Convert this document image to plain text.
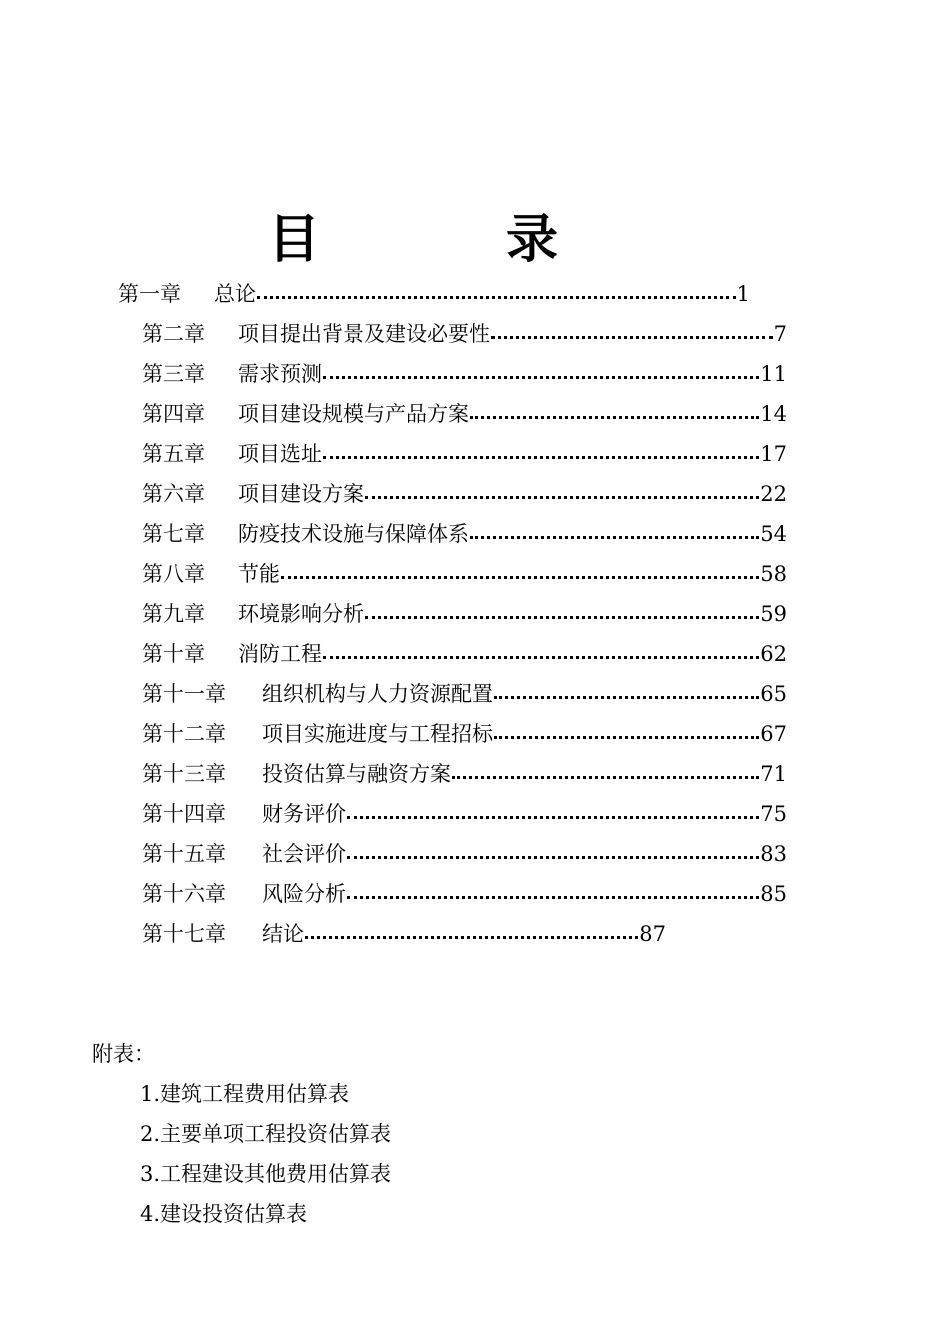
目	录
第一章	总论	1
第二章	项目提出背景及建设必要性	7
第三章	需求预测	11
第四章	项目建设规模与产品方案	14
第五章	项目选址	17
第六章	项目建设方案	22
第七章	防疫技术设施与保障体系	54
第八章	节能	58
第九章	环境影响分析	59
第十章	消防工程	62
第十一章	组织机构与人力资源配置	65
第十二章	项目实施进度与工程招标	67
第十三章	投资估算与融资方案	71
第十四章	财务评价	75
第十五章	社会评价	83
第十六章	风险分析	85
第十七章	结论	87
附表：
1.建筑工程费用估算表
2.主要单项工程投资估算表
3.工程建设其他费用估算表
4.建设投资估算表
